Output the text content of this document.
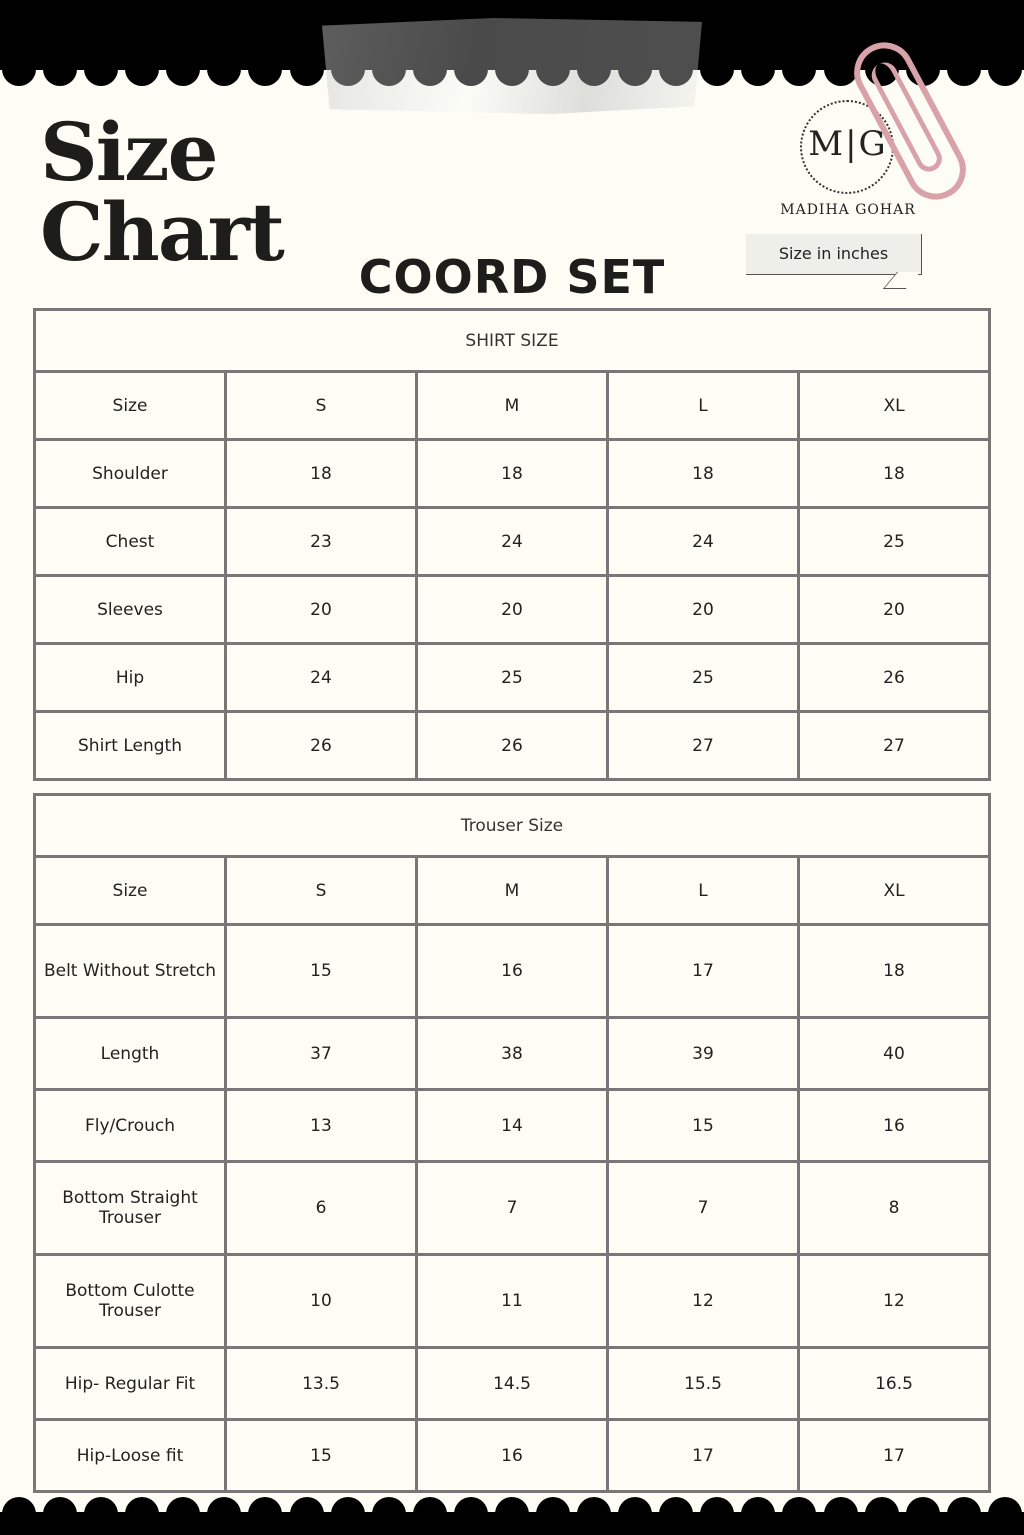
Size
Chart
M|G
MADIHA GOHAR
Size in inches
COORD SET
SHIRT SIZE				
Size	S	M	L	XL
Shoulder	18	18	18	18
Chest	23	24	24	25
Sleeves	20	20	20	20
Hip	24	25	25	26
Shirt Length	26	26	27	27
Trouser Size				
Size	S	M	L	XL
Belt Without Stretch	15	16	17	18
Length	37	38	39	40
Fly/Crouch	13	14	15	16
Bottom Straight Trouser	6	7	7	8
Bottom Culotte Trouser	10	11	12	12
Hip- Regular Fit	13.5	14.5	15.5	16.5
Hip-Loose fit	15	16	17	17
